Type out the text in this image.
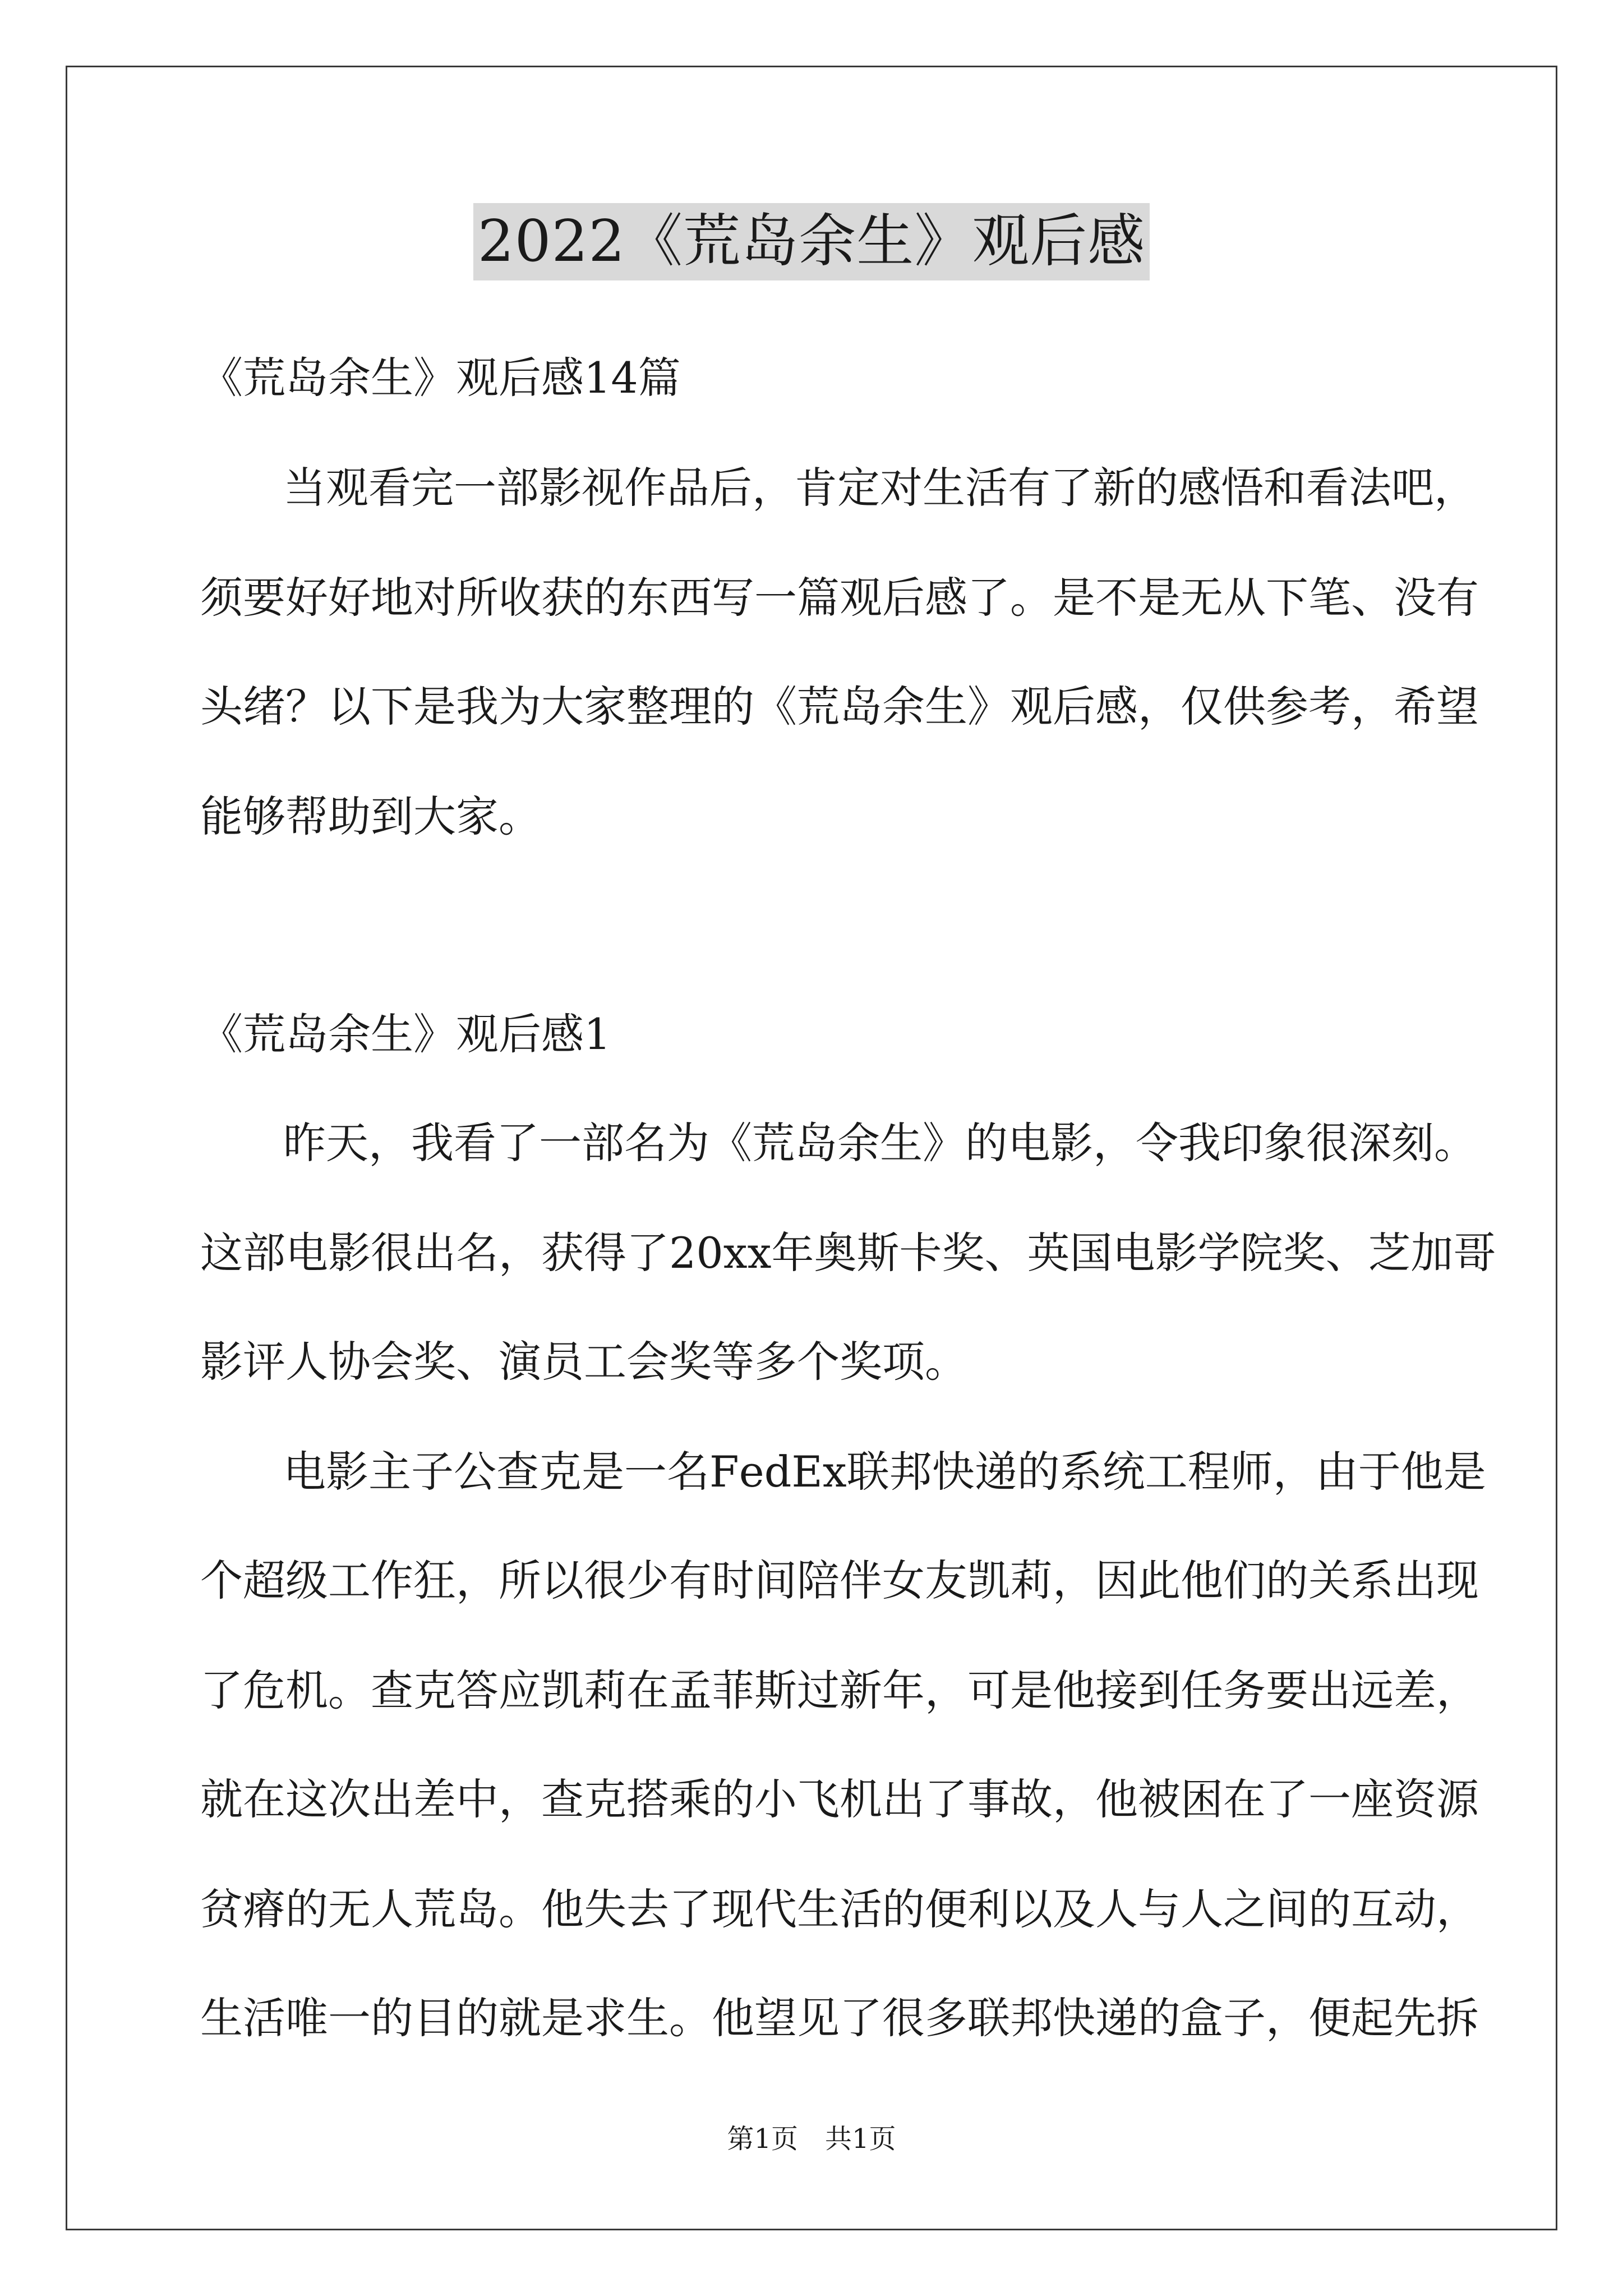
2022《荒岛余生》观后感
《荒岛余生》观后感14篇
当 观 看 完 一 部 影 视 作 品 后 ， 肯 定 对 生 活 有 了 新 的 感 悟 和 看 法 吧 ，
须 要 好 好 地 对 所 收 获 的 东 西 写 一 篇 观 后 感 了 。 是 不 是 无 从 下 笔 、 没 有
头 绪 ？ 以 下 是 我 为 大 家 整 理 的 《 荒 岛 余 生 》 观 后 感 ， 仅 供 参 考 ， 希 望
能够帮助到大家。
《荒岛余生》观后感1
昨 天 ， 我 看 了 一 部 名 为 《 荒 岛 余 生 》 的 电 影 ， 令 我 印 象 很 深 刻 。
这 部 电 影 很 出 名 ， 获 得 了 2 0 x x 年 奥 斯 卡 奖 、 英 国 电 影 学 院 奖 、 芝 加 哥
影评人协会奖、演员工会奖等多个奖项。
电 影 主 子 公 查 克 是 一 名 F e d E x 联 邦 快 递 的 系 统 工 程 师 ， 由 于 他 是
个 超 级 工 作 狂 ， 所 以 很 少 有 时 间 陪 伴 女 友 凯 莉 ， 因 此 他 们 的 关 系 出 现
了 危 机 。 查 克 答 应 凯 莉 在 孟 菲 斯 过 新 年 ， 可 是 他 接 到 任 务 要 出 远 差 ，
就 在 这 次 出 差 中 ， 查 克 搭 乘 的 小 飞 机 出 了 事 故 ， 他 被 困 在 了 一 座 资 源
贫 瘠 的 无 人 荒 岛 。 他 失 去 了 现 代 生 活 的 便 利 以 及 人 与 人 之 间 的 互 动 ，
生 活 唯 一 的 目 的 就 是 求 生 。 他 望 见 了 很 多 联 邦 快 递 的 盒 子 ， 便 起 先 拆
第1页　共1页
